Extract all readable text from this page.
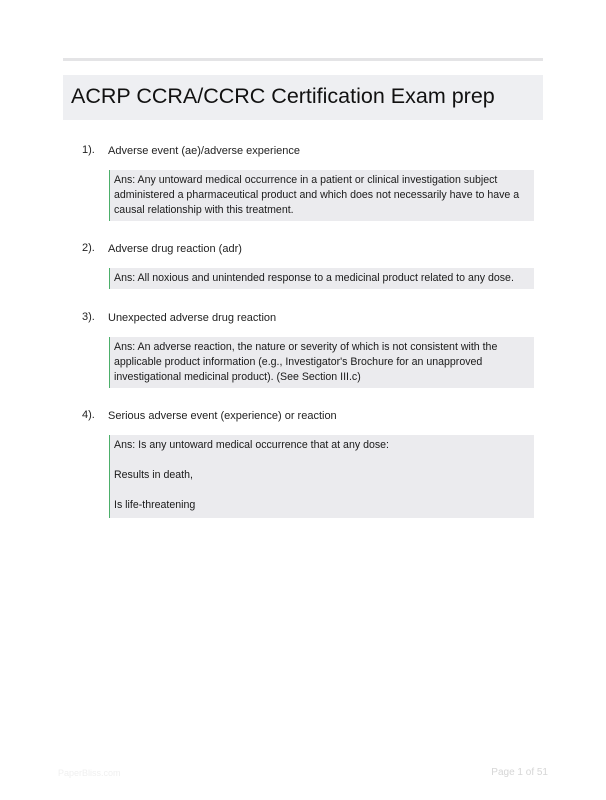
ACRP CCRA/CCRC Certification Exam prep
1). Adverse event (ae)/adverse experience

Ans: Any untoward medical occurrence in a patient or clinical investigation subject administered a pharmaceutical product and which does not necessarily have to have a causal relationship with this treatment.

2). Adverse drug reaction (adr)

Ans: All noxious and unintended response to a medicinal product related to any dose.

3). Unexpected adverse drug reaction

Ans: An adverse reaction, the nature or severity of which is not consistent with the applicable product information (e.g., Investigator's Brochure for an unapproved investigational medicinal product). (See Section III.c)

4). Serious adverse event (experience) or reaction

Ans: Is any untoward medical occurrence that at any dose:

Results in death,

Is life-threatening

PaperBliss.com	Page 1 of 51
